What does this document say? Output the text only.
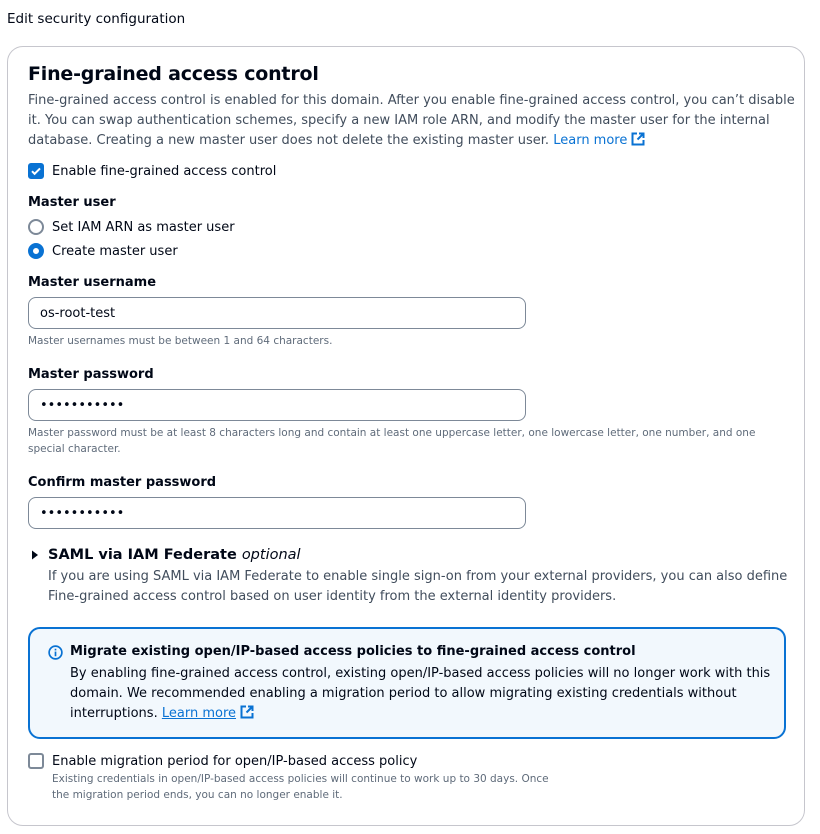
Edit security configuration
Fine-grained access control
Fine-grained access control is enabled for this domain. After you enable fine-grained access control, you can’t disable it. You can swap authentication schemes, specify a new IAM role ARN, and modify the master user for the internal database. Creating a new master user does not delete the existing master user. Learn more
Enable fine-grained access control
Master user
Set IAM ARN as master user
Create master user
Master username
os-root-test
Master usernames must be between 1 and 64 characters.
Master password
•••••••••••
Master password must be at least 8 characters long and contain at least one uppercase letter, one lowercase letter, one number, and one special character.
Confirm master password
•••••••••••
SAML via IAM Federate optional
If you are using SAML via IAM Federate to enable single sign-on from your external providers, you can also define Fine-grained access control based on user identity from the external identity providers.
Migrate existing open/IP-based access policies to fine-grained access control
By enabling fine-grained access control, existing open/IP-based access policies will no longer work with this domain. We recommended enabling a migration period to allow migrating existing credentials without interruptions. Learn more
Enable migration period for open/IP-based access policy
Existing credentials in open/IP-based access policies will continue to work up to 30 days. Once the migration period ends, you can no longer enable it.
